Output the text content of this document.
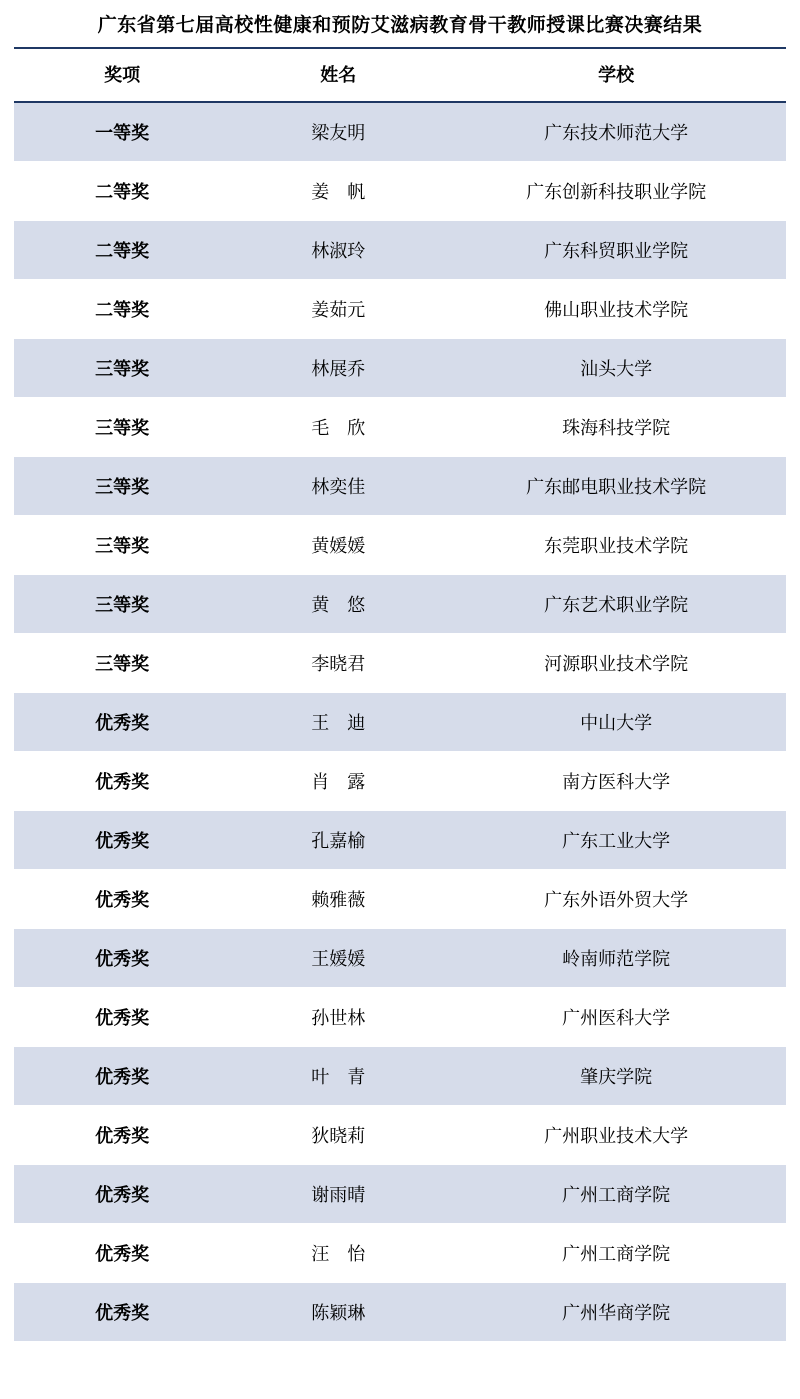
广东省第七届高校性健康和预防艾滋病教育骨干教师授课比赛决赛结果
奖项	姓名	学校
一等奖	梁友明	广东技术师范大学
二等奖	姜　帆	广东创新科技职业学院
二等奖	林淑玲	广东科贸职业学院
二等奖	姜茹元	佛山职业技术学院
三等奖	林展乔	汕头大学
三等奖	毛　欣	珠海科技学院
三等奖	林奕佳	广东邮电职业技术学院
三等奖	黄媛媛	东莞职业技术学院
三等奖	黄　悠	广东艺术职业学院
三等奖	李晓君	河源职业技术学院
优秀奖	王　迪	中山大学
优秀奖	肖　露	南方医科大学
优秀奖	孔嘉榆	广东工业大学
优秀奖	赖雅薇	广东外语外贸大学
优秀奖	王媛媛	岭南师范学院
优秀奖	孙世林	广州医科大学
优秀奖	叶　青	肇庆学院
优秀奖	狄晓莉	广州职业技术大学
优秀奖	谢雨晴	广州工商学院
优秀奖	汪　怡	广州工商学院
优秀奖	陈颖琳	广州华商学院
